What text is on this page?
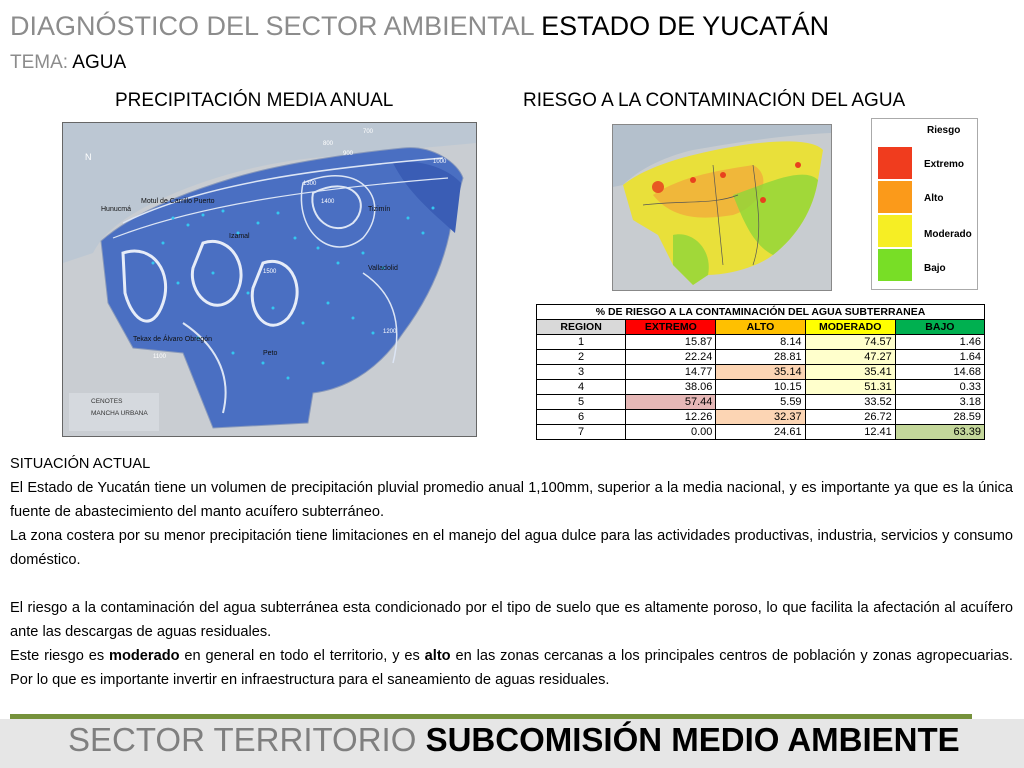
DIAGNÓSTICO DEL SECTOR AMBIENTAL ESTADO DE YUCATÁN
TEMA: AGUA
PRECIPITACIÓN MEDIA ANUAL	RIESGO A LA CONTAMINACIÓN DEL AGUA
N
Hunucmá
Motul de Carrillo Puerto
Tizimín
Izamal
Valladolid
Tekax de Álvaro Obregón
Peto
700
800
900
1000
1100
1200
1300
1400
1500
CENOTES
MANCHA URBANA
Riesgo
Extremo
Alto
Moderado
Bajo
% DE RIESGO A LA CONTAMINACIÓN DEL AGUA SUBTERRANEA				
REGION	EXTREMO	ALTO	MODERADO	BAJO
1	15.87	8.14	74.57	1.46
2	22.24	28.81	47.27	1.64
3	14.77	35.14	35.41	14.68
4	38.06	10.15	51.31	0.33
5	57.44	5.59	33.52	3.18
6	12.26	32.37	26.72	28.59
7	0.00	24.61	12.41	63.39

SITUACIÓN ACTUAL

El Estado de Yucatán tiene un volumen de precipitación pluvial promedio anual 1,100mm, superior a la media nacional, y es importante ya que es la única fuente de abastecimiento del manto acuífero subterráneo.

La zona costera por su menor precipitación tiene limitaciones en el manejo del agua dulce para las actividades productivas, industria, servicios y consumo doméstico.

El riesgo a la contaminación del agua subterránea esta condicionado por el tipo de suelo que es altamente poroso, lo que facilita la afectación al acuífero ante las descargas de aguas residuales.

Este riesgo es moderado en general en todo el territorio, y es alto en las zonas cercanas a los principales centros de población y zonas agropecuarias. Por lo que es importante invertir en infraestructura para el saneamiento de aguas residuales.

SECTOR TERRITORIO SUBCOMISIÓN MEDIO AMBIENTE
